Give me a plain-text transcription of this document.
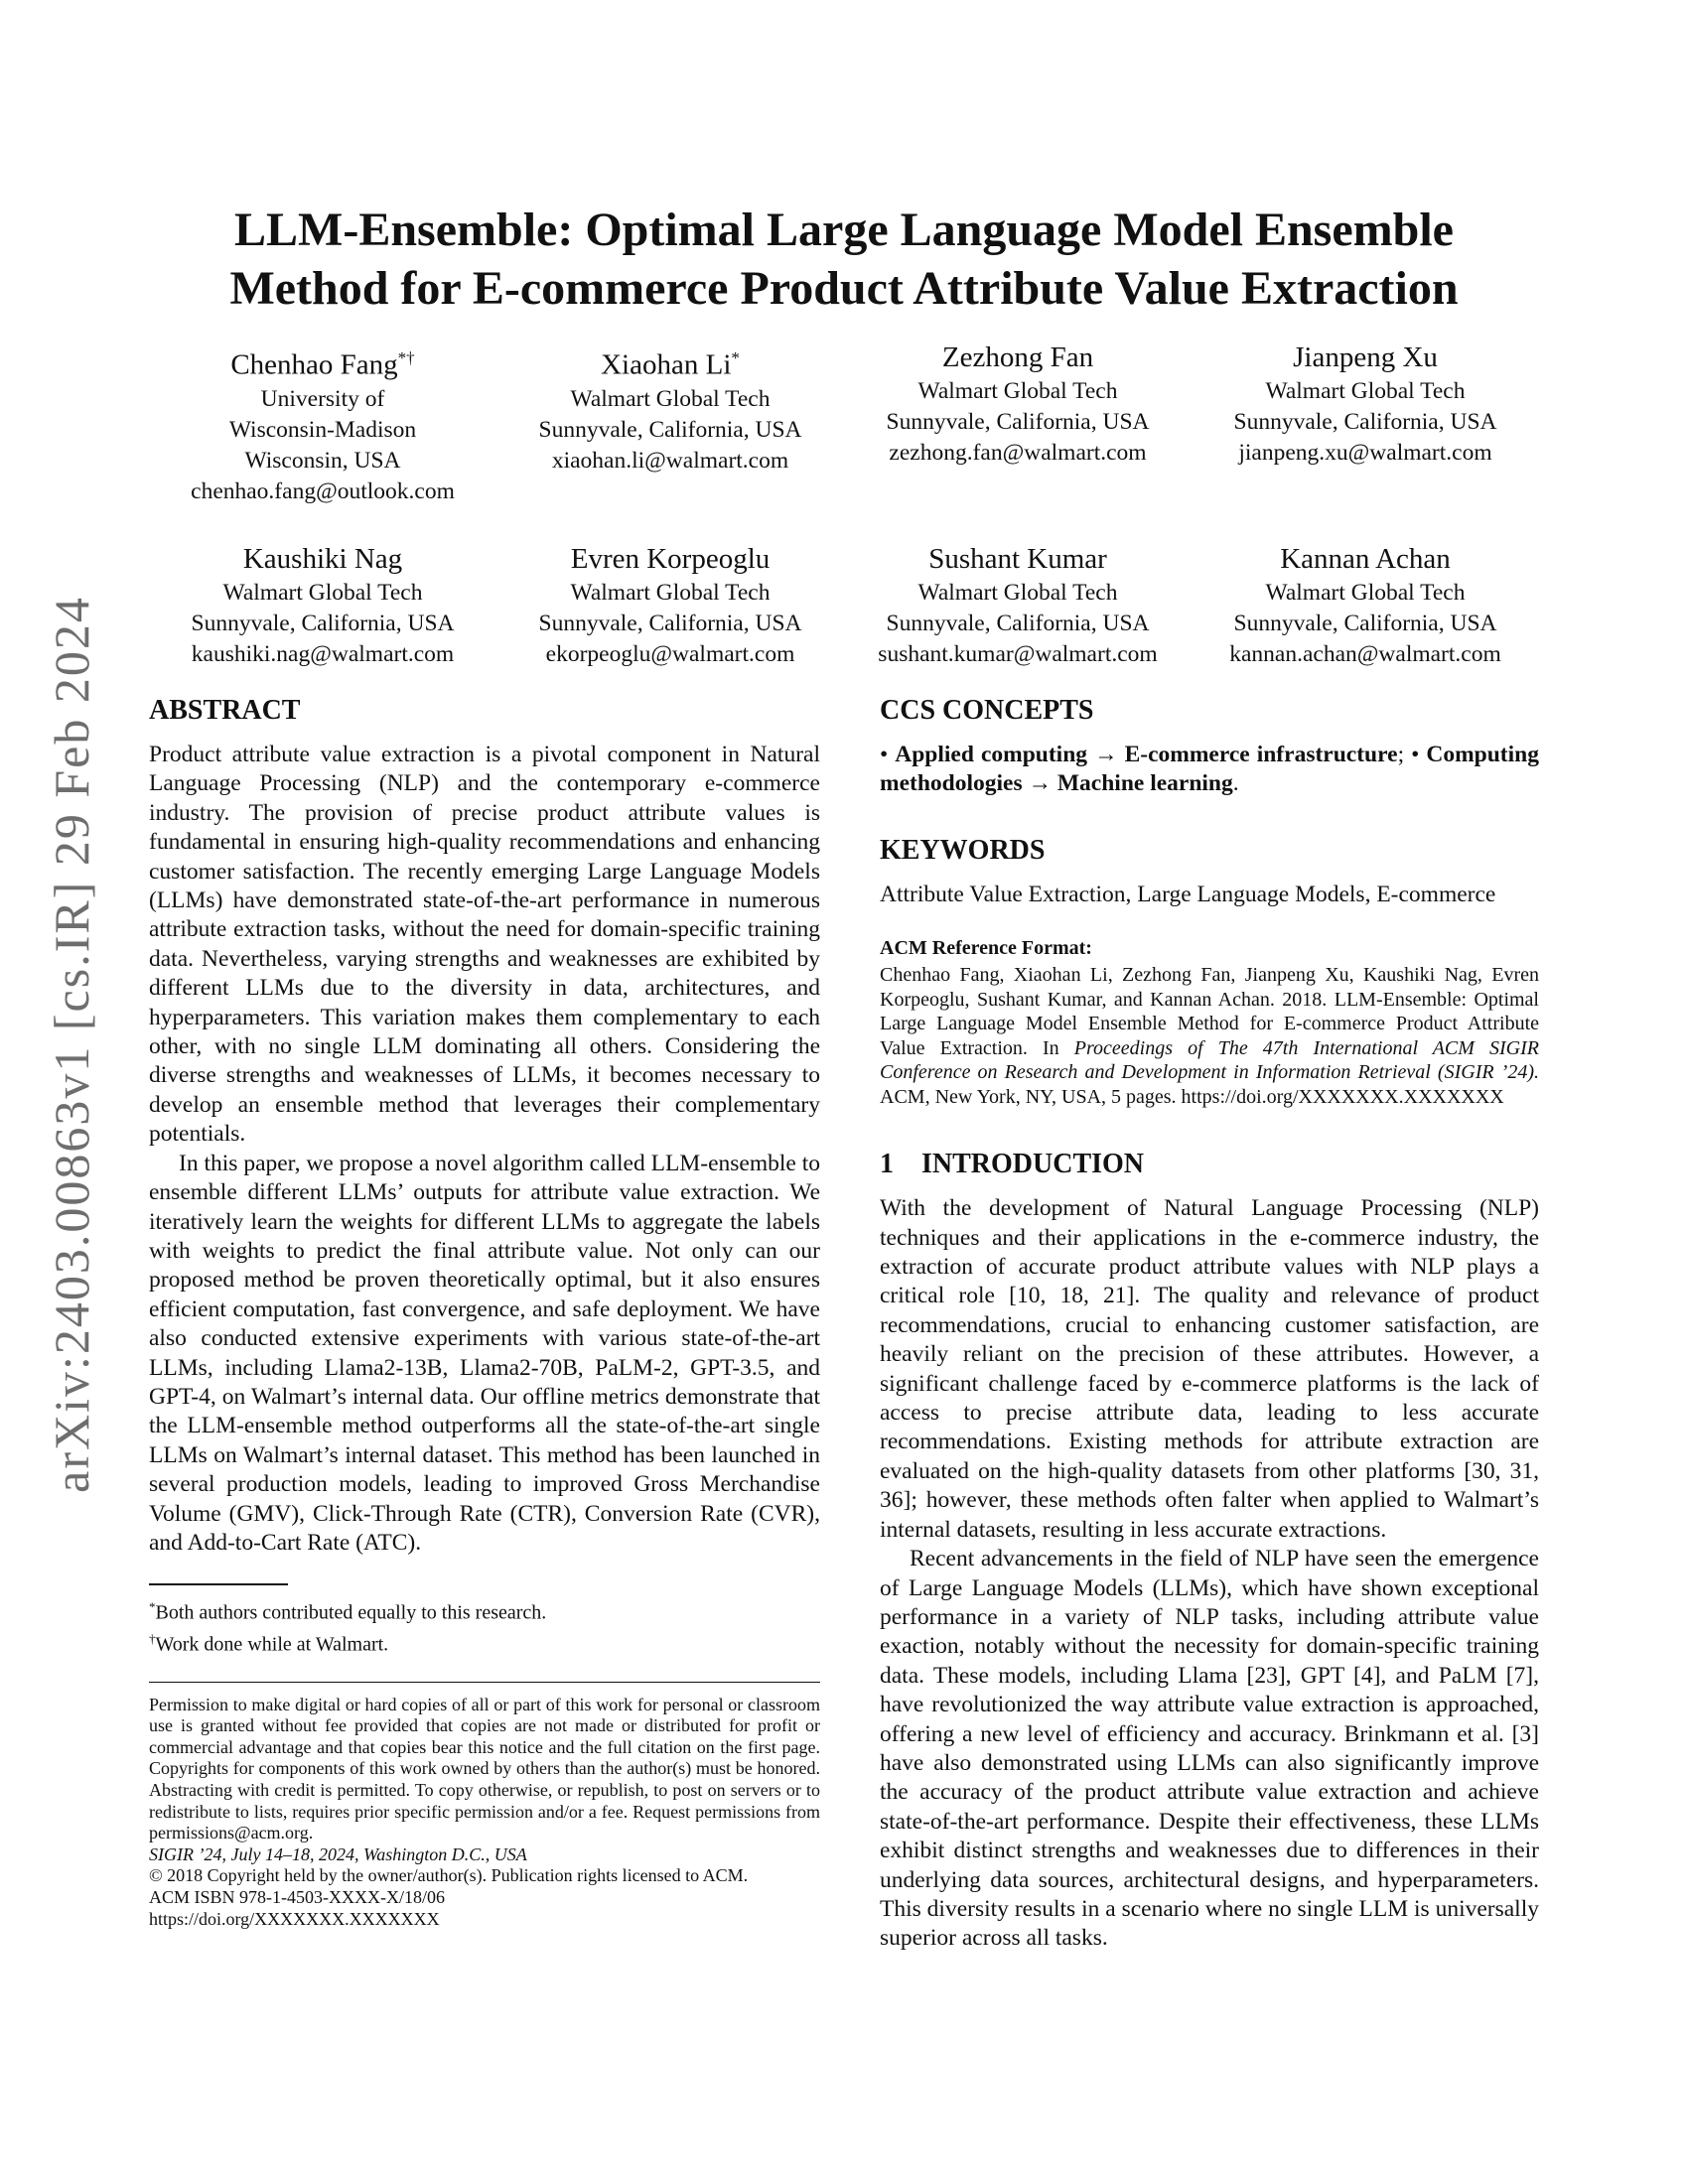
arXiv:2403.00863v1 [cs.IR] 29 Feb 2024
LLM-Ensemble: Optimal Large Language Model Ensemble
Method for E-commerce Product Attribute Value Extraction
Chenhao Fang*†
University of
Wisconsin-Madison
Wisconsin, USA
chenhao.fang@outlook.com
Xiaohan Li*
Walmart Global Tech
Sunnyvale, California, USA
xiaohan.li@walmart.com
Zezhong Fan
Walmart Global Tech
Sunnyvale, California, USA
zezhong.fan@walmart.com
Jianpeng Xu
Walmart Global Tech
Sunnyvale, California, USA
jianpeng.xu@walmart.com
Kaushiki Nag
Walmart Global Tech
Sunnyvale, California, USA
kaushiki.nag@walmart.com
Evren Korpeoglu
Walmart Global Tech
Sunnyvale, California, USA
ekorpeoglu@walmart.com
Sushant Kumar
Walmart Global Tech
Sunnyvale, California, USA
sushant.kumar@walmart.com
Kannan Achan
Walmart Global Tech
Sunnyvale, California, USA
kannan.achan@walmart.com
ABSTRACT

Product attribute value extraction is a pivotal component in Natural Language Processing (NLP) and the contemporary e-commerce industry. The provision of precise product attribute values is fundamental in ensuring high-quality recommendations and enhancing customer satisfaction. The recently emerging Large Language Models (LLMs) have demonstrated state-of-the-art performance in numerous attribute extraction tasks, without the need for domain-specific training data. Nevertheless, varying strengths and weaknesses are exhibited by different LLMs due to the diversity in data, architectures, and hyperparameters. This variation makes them complementary to each other, with no single LLM dominating all others. Considering the diverse strengths and weaknesses of LLMs, it becomes necessary to develop an ensemble method that leverages their complementary potentials.

In this paper, we propose a novel algorithm called LLM-ensemble to ensemble different LLMs’ outputs for attribute value extraction. We iteratively learn the weights for different LLMs to aggregate the labels with weights to predict the final attribute value. Not only can our proposed method be proven theoretically optimal, but it also ensures efficient computation, fast convergence, and safe deployment. We have also conducted extensive experiments with various state-of-the-art LLMs, including Llama2-13B, Llama2-70B, PaLM-2, GPT-3.5, and GPT-4, on Walmart’s internal data. Our offline metrics demonstrate that the LLM-ensemble method outperforms all the state-of-the-art single LLMs on Walmart’s internal dataset. This method has been launched in several production models, leading to improved Gross Merchandise Volume (GMV), Click-Through Rate (CTR), Conversion Rate (CVR), and Add-to-Cart Rate (ATC).

*Both authors contributed equally to this research.

†Work done while at Walmart.

Permission to make digital or hard copies of all or part of this work for personal or classroom use is granted without fee provided that copies are not made or distributed for profit or commercial advantage and that copies bear this notice and the full citation on the first page. Copyrights for components of this work owned by others than the author(s) must be honored. Abstracting with credit is permitted. To copy otherwise, or republish, to post on servers or to redistribute to lists, requires prior specific permission and/or a fee. Request permissions from permissions@acm.org.

SIGIR ’24, July 14–18, 2024, Washington D.C., USA

© 2018 Copyright held by the owner/author(s). Publication rights licensed to ACM.

ACM ISBN 978-1-4503-XXXX-X/18/06

https://doi.org/XXXXXXX.XXXXXXX

CCS CONCEPTS

• Applied computing → E-commerce infrastructure; • Computing methodologies → Machine learning.

KEYWORDS

Attribute Value Extraction, Large Language Models, E-commerce

ACM Reference Format:

Chenhao Fang, Xiaohan Li, Zezhong Fan, Jianpeng Xu, Kaushiki Nag, Evren Korpeoglu, Sushant Kumar, and Kannan Achan. 2018. LLM-Ensemble: Optimal Large Language Model Ensemble Method for E-commerce Product Attribute Value Extraction. In Proceedings of The 47th International ACM SIGIR Conference on Research and Development in Information Retrieval (SIGIR ’24). ACM, New York, NY, USA, 5 pages. https://doi.org/XXXXXXX.XXXXXXX

1 INTRODUCTION

With the development of Natural Language Processing (NLP) techniques and their applications in the e-commerce industry, the extraction of accurate product attribute values with NLP plays a critical role [10, 18, 21]. The quality and relevance of product recommendations, crucial to enhancing customer satisfaction, are heavily reliant on the precision of these attributes. However, a significant challenge faced by e-commerce platforms is the lack of access to precise attribute data, leading to less accurate recommendations. Existing methods for attribute extraction are evaluated on the high-quality datasets from other platforms [30, 31, 36]; however, these methods often falter when applied to Walmart’s internal datasets, resulting in less accurate extractions.

Recent advancements in the field of NLP have seen the emergence of Large Language Models (LLMs), which have shown exceptional performance in a variety of NLP tasks, including attribute value exaction, notably without the necessity for domain-specific training data. These models, including Llama [23], GPT [4], and PaLM [7], have revolutionized the way attribute value extraction is approached, offering a new level of efficiency and accuracy. Brinkmann et al. [3] have also demonstrated using LLMs can also significantly improve the accuracy of the product attribute value extraction and achieve state-of-the-art performance. Despite their effectiveness, these LLMs exhibit distinct strengths and weaknesses due to differences in their underlying data sources, architectural designs, and hyperparameters. This diversity results in a scenario where no single LLM is universally superior across all tasks.
